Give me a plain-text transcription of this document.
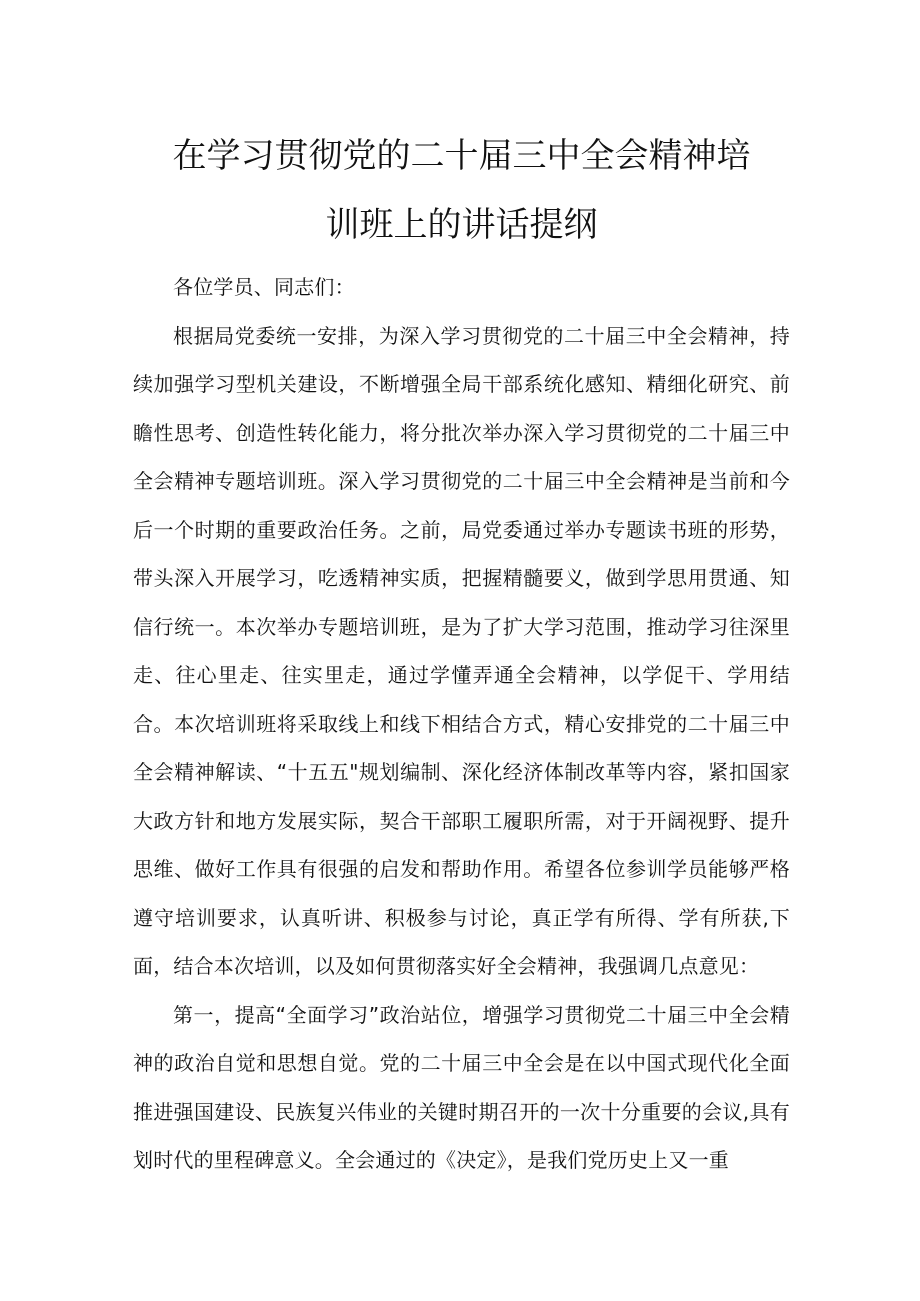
在学习贯彻党的二十届三中全会精神培
训班上的讲话提纲

各位学员、同志们：

根据局党委统一安排，为深入学习贯彻党的二十届三中全会精神，持续加强学习型机关建设，不断增强全局干部系统化感知、精细化研究、前瞻性思考、创造性转化能力，将分批次举办深入学习贯彻党的二十届三中全会精神专题培训班。深入学习贯彻党的二十届三中全会精神是当前和今后一个时期的重要政治任务。之前，局党委通过举办专题读书班的形势，带头深入开展学习，吃透精神实质，把握精髓要义，做到学思用贯通、知信行统一。本次举办专题培训班，是为了扩大学习范围，推动学习往深里走、往心里走、往实里走，通过学懂弄通全会精神，以学促干、学用结合。本次培训班将采取线上和线下相结合方式，精心安排党的二十届三中全会精神解读、“十五五"规划编制、深化经济体制改革等内容，紧扣国家大政方针和地方发展实际，契合干部职工履职所需，对于开阔视野、提升思维、做好工作具有很强的启发和帮助作用。希望各位参训学员能够严格遵守培训要求，认真听讲、积极参与讨论，真正学有所得、学有所获,下面，结合本次培训，以及如何贯彻落实好全会精神，我强调几点意见：

第一，提高“全面学习”政治站位，增强学习贯彻党二十届三中全会精神的政治自觉和思想自觉。党的二十届三中全会是在以中国式现代化全面推进强国建设、民族复兴伟业的关键时期召开的一次十分重要的会议,具有划时代的里程碑意义。全会通过的《决定》，是我们党历史上又一重
